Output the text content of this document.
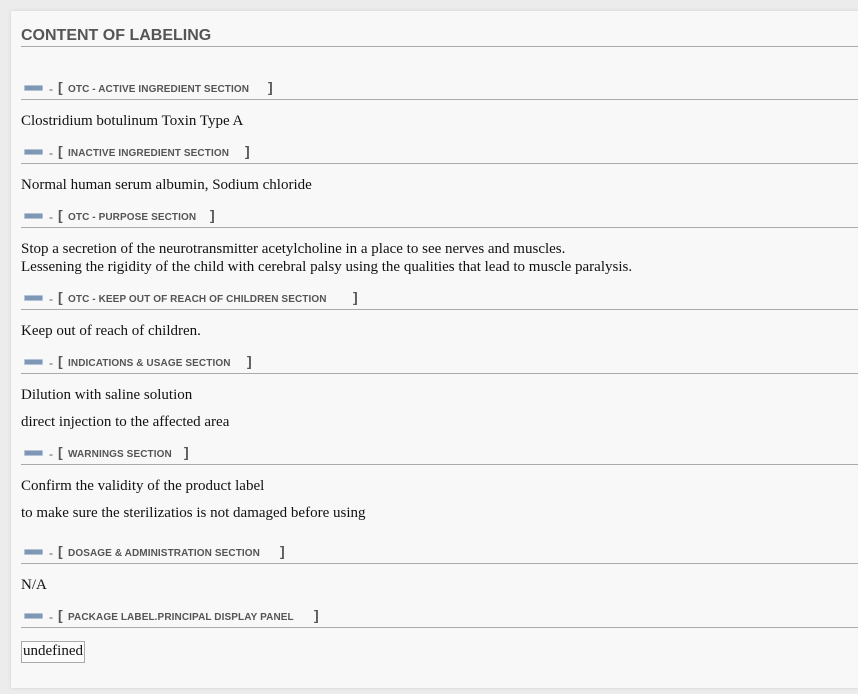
CONTENT OF LABELING
- [ OTC - ACTIVE INGREDIENT SECTION ]

Clostridium botulinum Toxin Type A

- [ INACTIVE INGREDIENT SECTION ]

Normal human serum albumin, Sodium chloride

- [ OTC - PURPOSE SECTION ]

Stop a secretion of the neurotransmitter acetylcholine in a place to see nerves and muscles.

Lessening the rigidity of the child with cerebral palsy using the qualities that lead to muscle paralysis.

- [ OTC - KEEP OUT OF REACH OF CHILDREN SECTION ]

Keep out of reach of children.

- [ INDICATIONS & USAGE SECTION ]

Dilution with saline solution

direct injection to the affected area

- [ WARNINGS SECTION ]

Confirm the validity of the product label

to make sure the sterilizatios is not damaged before using

- [ DOSAGE & ADMINISTRATION SECTION ]

N/A

- [ PACKAGE LABEL.PRINCIPAL DISPLAY PANEL ]
undefined
